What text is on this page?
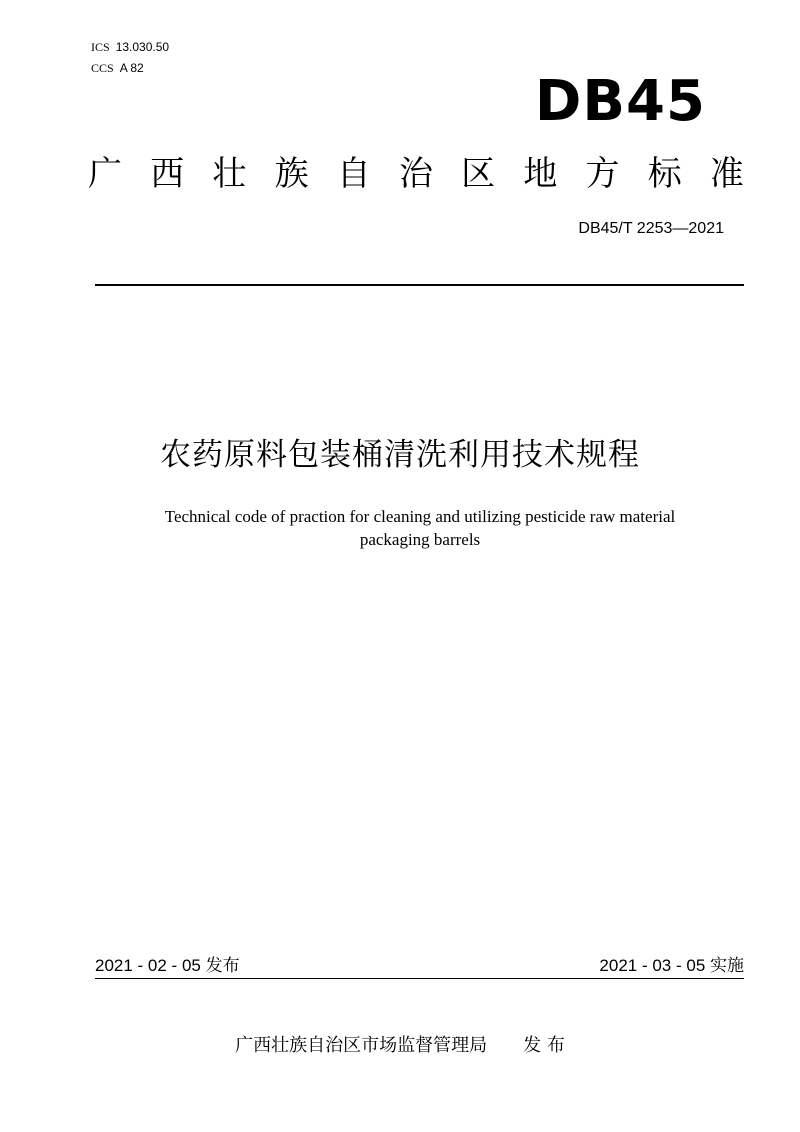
ICS 13.030.50
CCS A 82
DB45
广 西 壮 族 自 治 区 地 方 标 准
DB45/T 2253—2021
农药原料包装桶清洗利用技术规程
Technical code of praction for cleaning and utilizing pesticide raw material
packaging barrels
2021 - 02 - 05 发布	2021 - 03 - 05 实施
广西壮族自治区市场监督管理局 发 布
